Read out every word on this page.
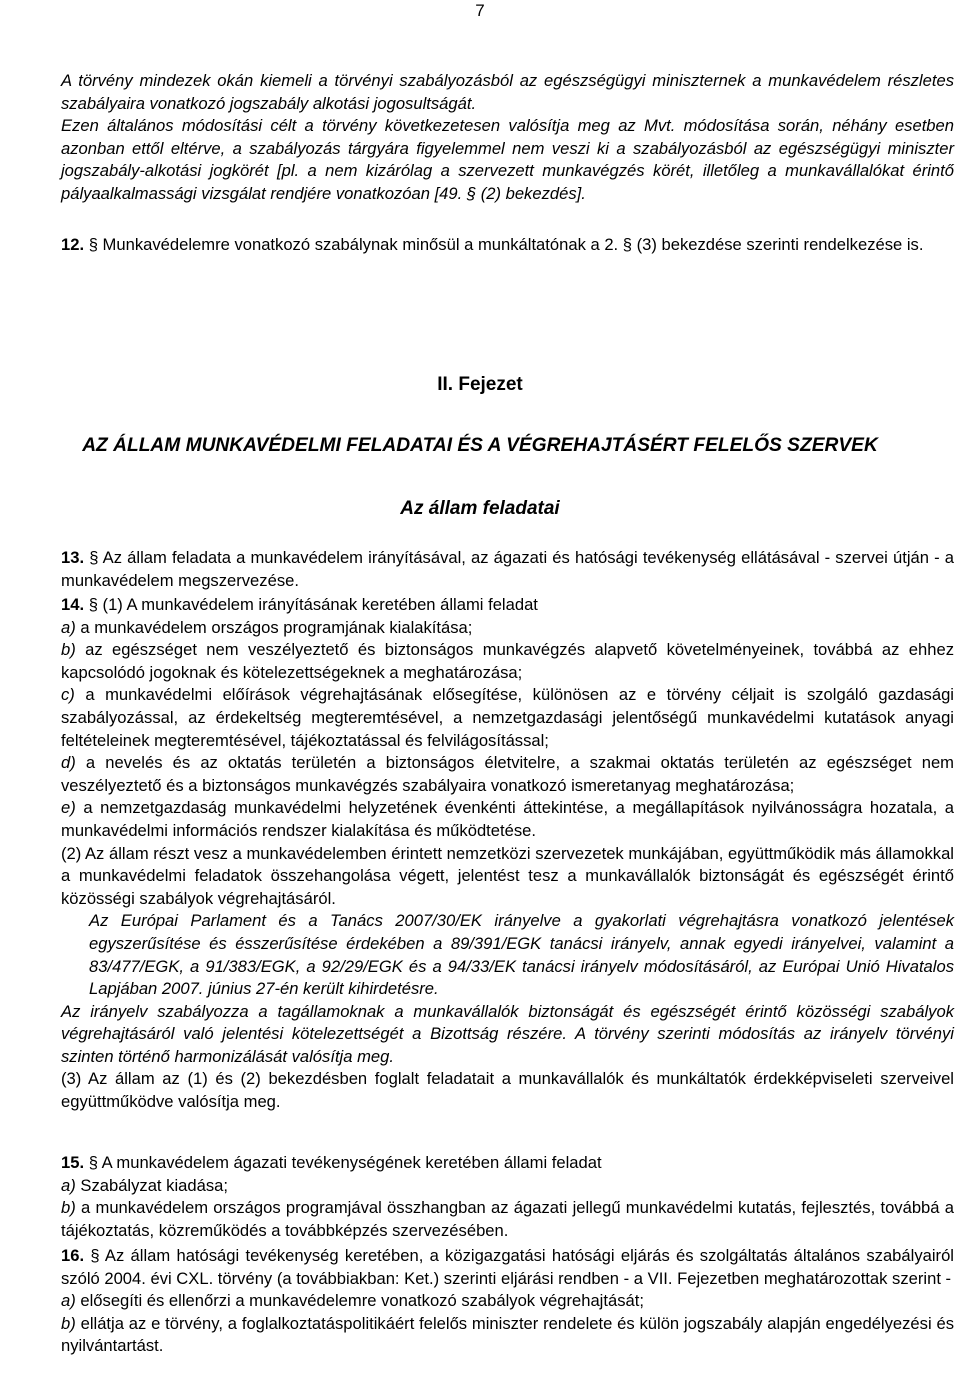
7

A törvény mindezek okán kiemeli a törvényi szabályozásból az egészségügyi miniszternek a munkavédelem részletes szabályaira vonatkozó jogszabály alkotási jogosultságát.

Ezen általános módosítási célt a törvény következetesen valósítja meg az Mvt. módosítása során, néhány esetben azonban ettől eltérve, a szabályozás tárgyára figyelemmel nem veszi ki a szabályozásból az egészségügyi miniszter jogszabály-alkotási jogkörét [pl. a nem kizárólag a szervezett munkavégzés körét, illetőleg a munkavállalókat érintő pályaalkalmassági vizsgálat rendjére vonatkozóan [49. § (2) bekezdés].

12. § Munkavédelemre vonatkozó szabálynak minősül a munkáltatónak a 2. § (3) bekezdése szerinti rendelkezése is.

II. Fejezet
AZ ÁLLAM MUNKAVÉDELMI FELADATAI ÉS A VÉGREHAJTÁSÉRT FELELŐS SZERVEK
Az állam feladatai

13. § Az állam feladata a munkavédelem irányításával, az ágazati és hatósági tevékenység ellátásával - szervei útján - a munkavédelem megszervezése.

14. § (1) A munkavédelem irányításának keretében állami feladat

a) a munkavédelem országos programjának kialakítása;

b) az egészséget nem veszélyeztető és biztonságos munkavégzés alapvető követelményeinek, továbbá az ehhez kapcsolódó jogoknak és kötelezettségeknek a meghatározása;

c) a munkavédelmi előírások végrehajtásának elősegítése, különösen az e törvény céljait is szolgáló gazdasági szabályozással, az érdekeltség megteremtésével, a nemzetgazdasági jelentőségű munkavédelmi kutatások anyagi feltételeinek megteremtésével, tájékoztatással és felvilágosítással;

d) a nevelés és az oktatás területén a biztonságos életvitelre, a szakmai oktatás területén az egészséget nem veszélyeztető és a biztonságos munkavégzés szabályaira vonatkozó ismeretanyag meghatározása;

e) a nemzetgazdaság munkavédelmi helyzetének évenkénti áttekintése, a megállapítások nyilvánosságra hozatala, a munkavédelmi információs rendszer kialakítása és működtetése.

(2) Az állam részt vesz a munkavédelemben érintett nemzetközi szervezetek munkájában, együttműködik más államokkal a munkavédelmi feladatok összehangolása végett, jelentést tesz a munkavállalók biztonságát és egészségét érintő közösségi szabályok végrehajtásáról.

Az Európai Parlament és a Tanács 2007/30/EK irányelve a gyakorlati végrehajtásra vonatkozó jelentések egyszerűsítése és ésszerűsítése érdekében a 89/391/EGK tanácsi irányelv, annak egyedi irányelvei, valamint a 83/477/EGK, a 91/383/EGK, a 92/29/EGK és a 94/33/EK tanácsi irányelv módosításáról, az Európai Unió Hivatalos Lapjában 2007. június 27-én került kihirdetésre.

Az irányelv szabályozza a tagállamoknak a munkavállalók biztonságát és egészségét érintő közösségi szabályok végrehajtásáról való jelentési kötelezettségét a Bizottság részére. A törvény szerinti módosítás az irányelv törvényi szinten történő harmonizálását valósítja meg.

(3) Az állam az (1) és (2) bekezdésben foglalt feladatait a munkavállalók és munkáltatók érdekképviseleti szerveivel együttműködve valósítja meg.

15. § A munkavédelem ágazati tevékenységének keretében állami feladat

a) Szabályzat kiadása;

b) a munkavédelem országos programjával összhangban az ágazati jellegű munkavédelmi kutatás, fejlesztés, továbbá a tájékoztatás, közreműködés a továbbképzés szervezésében.

16. § Az állam hatósági tevékenység keretében, a közigazgatási hatósági eljárás és szolgáltatás általános szabályairól szóló 2004. évi CXL. törvény (a továbbiakban: Ket.) szerinti eljárási rendben - a VII. Fejezetben meghatározottak szerint -

a) elősegíti és ellenőrzi a munkavédelemre vonatkozó szabályok végrehajtását;

b) ellátja az e törvény, a foglalkoztatáspolitikáért felelős miniszter rendelete és külön jogszabály alapján engedélyezési és nyilvántartást.
